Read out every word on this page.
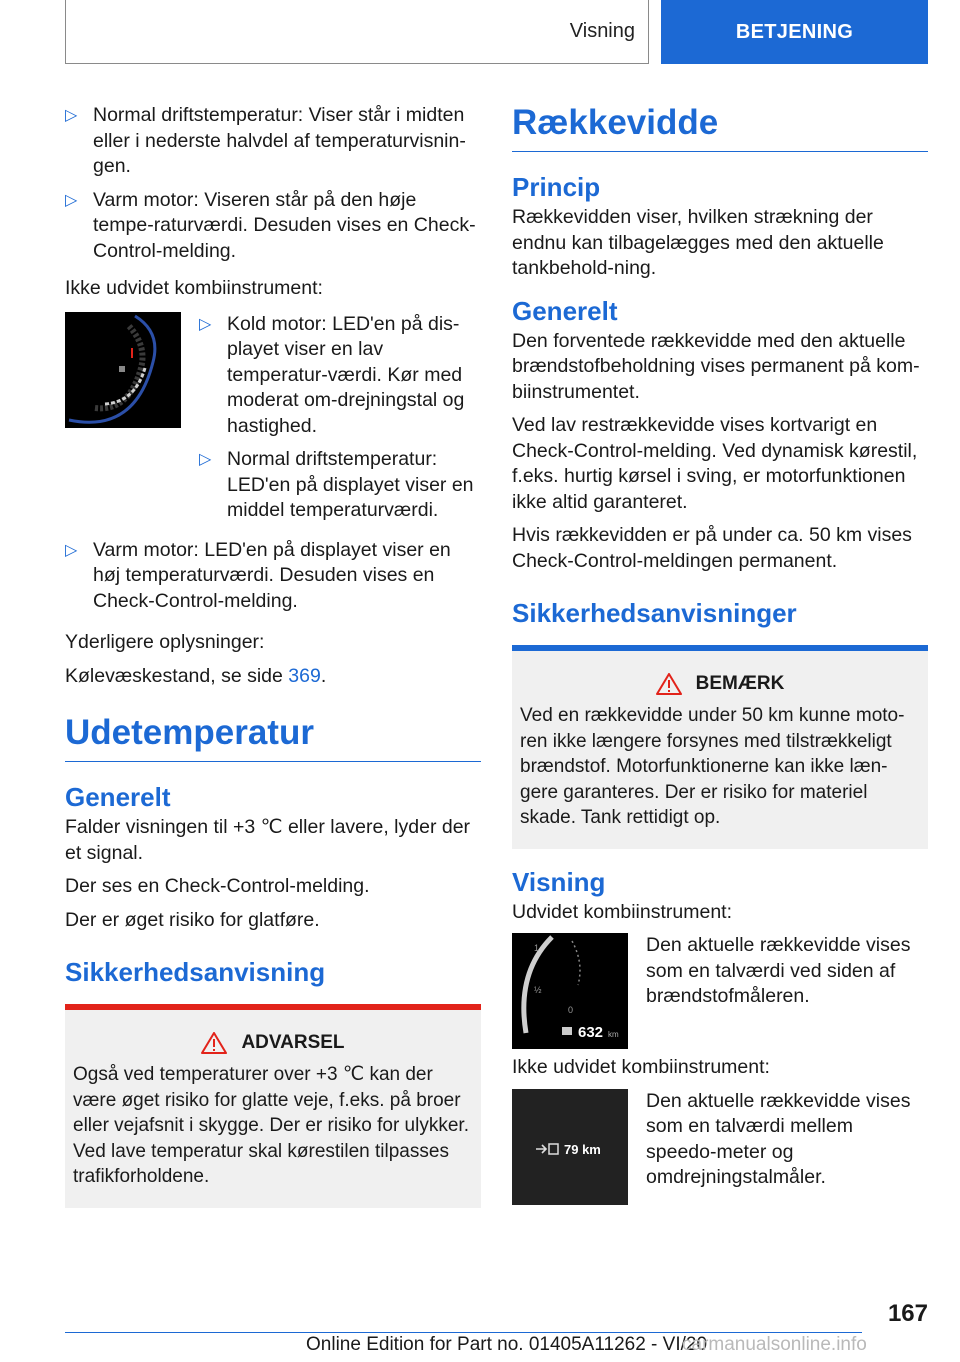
Visning	BETJENING
▷ Normal driftstemperatur: Viser står i midten eller i nederste halvdel af temperaturvisnin-gen.
▷ Varm motor: Viseren står på den høje tempe-raturværdi. Desuden vises en Check-Control-melding.

Ikke udvidet kombiinstrument:

▷ Kold motor: LED'en på dis-playet viser en lav temperatur-værdi. Kør med moderat om-drejningstal og hastighed.
▷ Normal driftstemperatur: LED'en på displayet viser en middel temperaturværdi.
▷ Varm motor: LED'en på displayet viser en høj temperaturværdi. Desuden vises en Check-Control-melding.

Yderligere oplysninger:

Kølevæskestand, se side 369.

Udetemperatur
Generelt

Falder visningen til +3 ℃ eller lavere, lyder der et signal.

Der ses en Check-Control-melding.

Der er øget risiko for glatføre.

Sikkerhedsanvisning
ADVARSEL

Også ved temperaturer over +3 ℃ kan der være øget risiko for glatte veje, f.eks. på broer eller vejafsnit i skygge. Der er risiko for ulykker. Ved lave temperatur skal kørestilen tilpasses trafikforholdene.

Rækkevidde
Princip

Rækkevidden viser, hvilken strækning der endnu kan tilbagelægges med den aktuelle tankbehold-ning.

Generelt

Den forventede rækkevidde med den aktuelle brændstofbeholdning vises permanent på kom-biinstrumentet.

Ved lav restrækkevidde vises kortvarigt en Check-Control-melding. Ved dynamisk kørestil, f.eks. hurtig kørsel i sving, er motorfunktionen ikke altid garanteret.

Hvis rækkevidden er på under ca. 50 km vises Check-Control-meldingen permanent.

Sikkerhedsanvisninger
BEMÆRK

Ved en rækkevidde under 50 km kunne moto-ren ikke længere forsynes med tilstrækkeligt brændstof. Motorfunktionerne kan ikke læn-gere garanteres. Der er risiko for materiel skade. Tank rettidigt op.

Visning

Udvidet kombiinstrument:

1
½
0
632 km

Den aktuelle rækkevidde vises som en talværdi ved siden af brændstofmåleren.

Ikke udvidet kombiinstrument:

79 km

Den aktuelle rækkevidde vises som en talværdi mellem speedo-meter og omdrejningstalmåler.

167
Online Edition for Part no. 01405A11262 - VI/20
carmanualsonline.info
